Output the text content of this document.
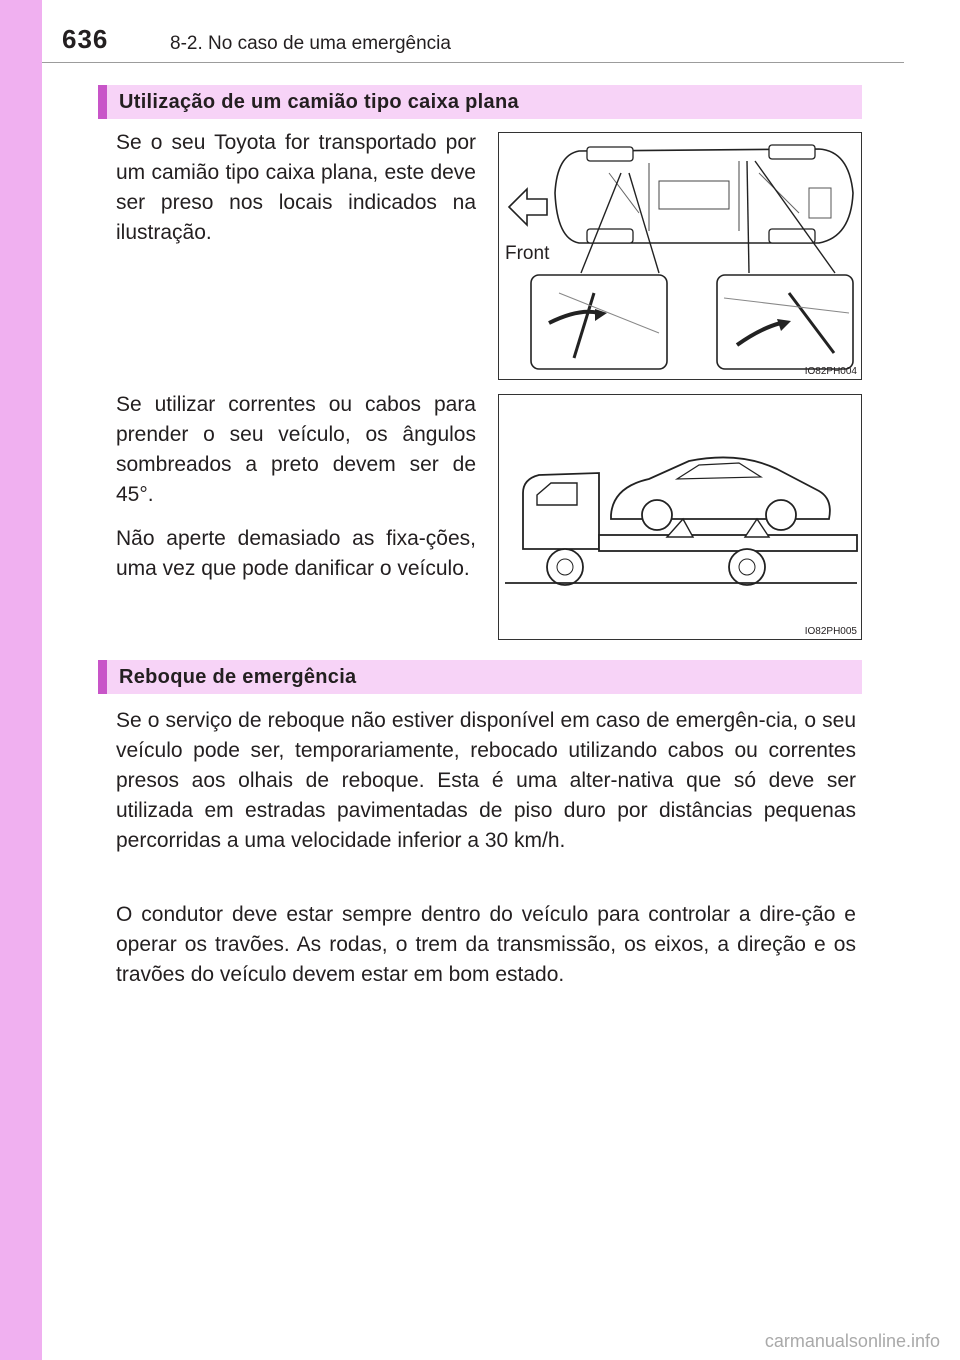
636	8-2. No caso de uma emergência
Utilização de um camião tipo caixa plana

Se o seu Toyota for transportado por um camião tipo caixa plana, este deve ser preso nos locais indicados na ilustração.

Front
IO82PH004

Se utilizar correntes ou cabos para prender o seu veículo, os ângulos sombreados a preto devem ser de 45°.

Não aperte demasiado as fixa-ções, uma vez que pode danificar o veículo.

IO82PH005
Reboque de emergência

Se o serviço de reboque não estiver disponível em caso de emergên-cia, o seu veículo pode ser, temporariamente, rebocado utilizando cabos ou correntes presos aos olhais de reboque. Esta é uma alter-nativa que só deve ser utilizada em estradas pavimentadas de piso duro por distâncias pequenas percorridas a uma velocidade inferior a 30 km/h.

O condutor deve estar sempre dentro do veículo para controlar a dire-ção e operar os travões. As rodas, o trem da transmissão, os eixos, a direção e os travões do veículo devem estar em bom estado.

carmanualsonline.info
